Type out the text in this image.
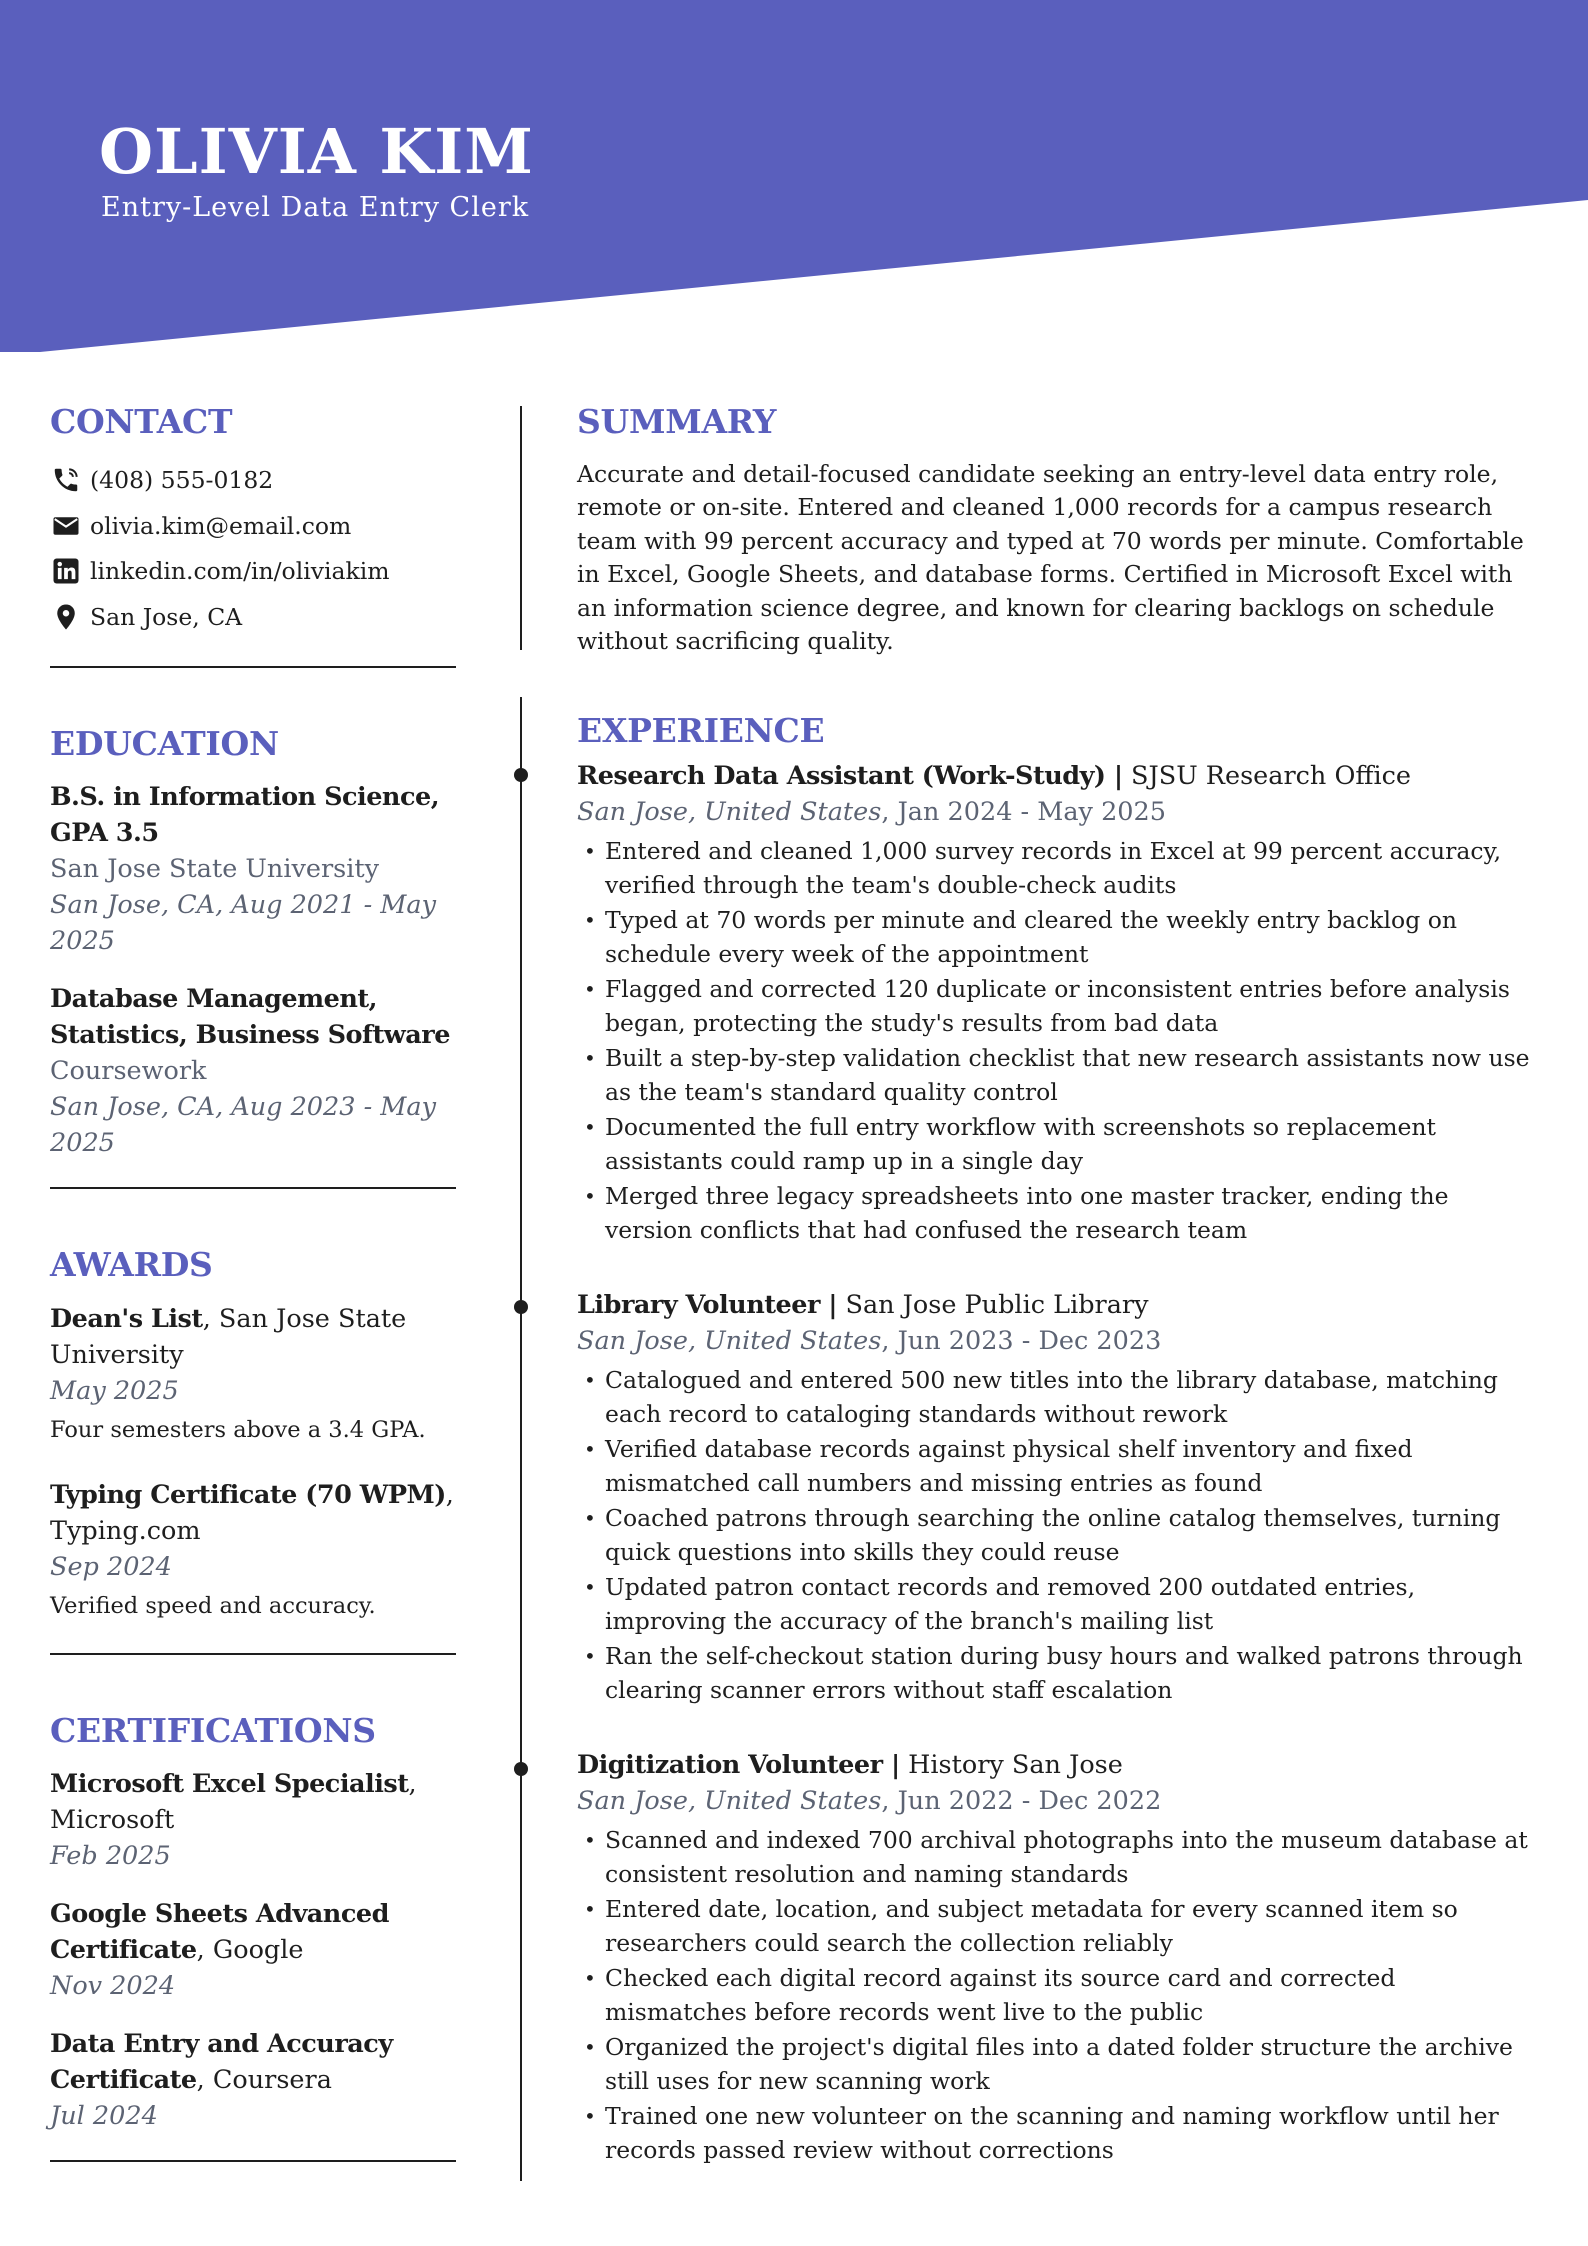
OLIVIA KIM

Entry-Level Data Entry Clerk

CONTACT
(408) 555-0182
olivia.kim@email.com
linkedin.com/in/oliviakim
San Jose, CA
EDUCATION
B.S. in Information Science, GPA 3.5
San Jose State University
San Jose, CA, Aug 2021 - May 2025
Database Management, Statistics, Business Software
Coursework
San Jose, CA, Aug 2023 - May 2025
AWARDS
Dean's List, San Jose State University
May 2025
Four semesters above a 3.4 GPA.
Typing Certificate (70 WPM), Typing.com
Sep 2024
Verified speed and accuracy.
CERTIFICATIONS
Microsoft Excel Specialist, Microsoft
Feb 2025
Google Sheets Advanced Certificate, Google
Nov 2024
Data Entry and Accuracy Certificate, Coursera
Jul 2024
SUMMARY

Accurate and detail-focused candidate seeking an entry-level data entry role, remote or on-site. Entered and cleaned 1,000 records for a campus research team with 99 percent accuracy and typed at 70 words per minute. Comfortable in Excel, Google Sheets, and database forms. Certified in Microsoft Excel with an information science degree, and known for clearing backlogs on schedule without sacrificing quality.

EXPERIENCE
Research Data Assistant (Work-Study) | SJSU Research Office
San Jose, United States, Jan 2024 - May 2025
• Entered and cleaned 1,000 survey records in Excel at 99 percent accuracy, verified through the team's double-check audits
• Typed at 70 words per minute and cleared the weekly entry backlog on schedule every week of the appointment
• Flagged and corrected 120 duplicate or inconsistent entries before analysis began, protecting the study's results from bad data
• Built a step-by-step validation checklist that new research assistants now use as the team's standard quality control
• Documented the full entry workflow with screenshots so replacement assistants could ramp up in a single day
• Merged three legacy spreadsheets into one master tracker, ending the version conflicts that had confused the research team
Library Volunteer | San Jose Public Library
San Jose, United States, Jun 2023 - Dec 2023
• Catalogued and entered 500 new titles into the library database, matching each record to cataloging standards without rework
• Verified database records against physical shelf inventory and fixed mismatched call numbers and missing entries as found
• Coached patrons through searching the online catalog themselves, turning quick questions into skills they could reuse
• Updated patron contact records and removed 200 outdated entries, improving the accuracy of the branch's mailing list
• Ran the self-checkout station during busy hours and walked patrons through clearing scanner errors without staff escalation
Digitization Volunteer | History San Jose
San Jose, United States, Jun 2022 - Dec 2022
• Scanned and indexed 700 archival photographs into the museum database at consistent resolution and naming standards
• Entered date, location, and subject metadata for every scanned item so researchers could search the collection reliably
• Checked each digital record against its source card and corrected mismatches before records went live to the public
• Organized the project's digital files into a dated folder structure the archive still uses for new scanning work
• Trained one new volunteer on the scanning and naming workflow until her records passed review without corrections
